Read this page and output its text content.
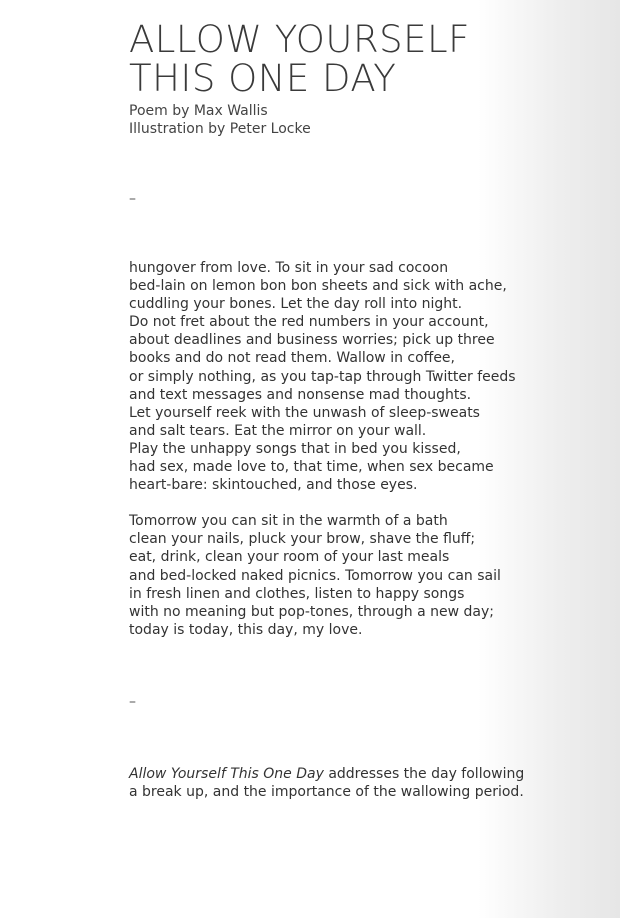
ALLOW YOURSELF
THIS ONE DAY
Poem by Max Wallis
Illustration by Peter Locke
–
hungover from love. To sit in your sad cocoon
bed-lain on lemon bon bon sheets and sick with ache,
cuddling your bones. Let the day roll into night.
Do not fret about the red numbers in your account,
about deadlines and business worries; pick up three
books and do not read them. Wallow in coffee,
or simply nothing, as you tap-tap through Twitter feeds
and text messages and nonsense mad thoughts.
Let yourself reek with the unwash of sleep-sweats
and salt tears. Eat the mirror on your wall.
Play the unhappy songs that in bed you kissed,
had sex, made love to, that time, when sex became
heart-bare: skintouched, and those eyes.
Tomorrow you can sit in the warmth of a bath
clean your nails, pluck your brow, shave the fluff;
eat, drink, clean your room of your last meals
and bed-locked naked picnics. Tomorrow you can sail
in fresh linen and clothes, listen to happy songs
with no meaning but pop-tones, through a new day;
today is today, this day, my love.
–
Allow Yourself This One Day addresses the day following
a break up, and the importance of the wallowing period.
